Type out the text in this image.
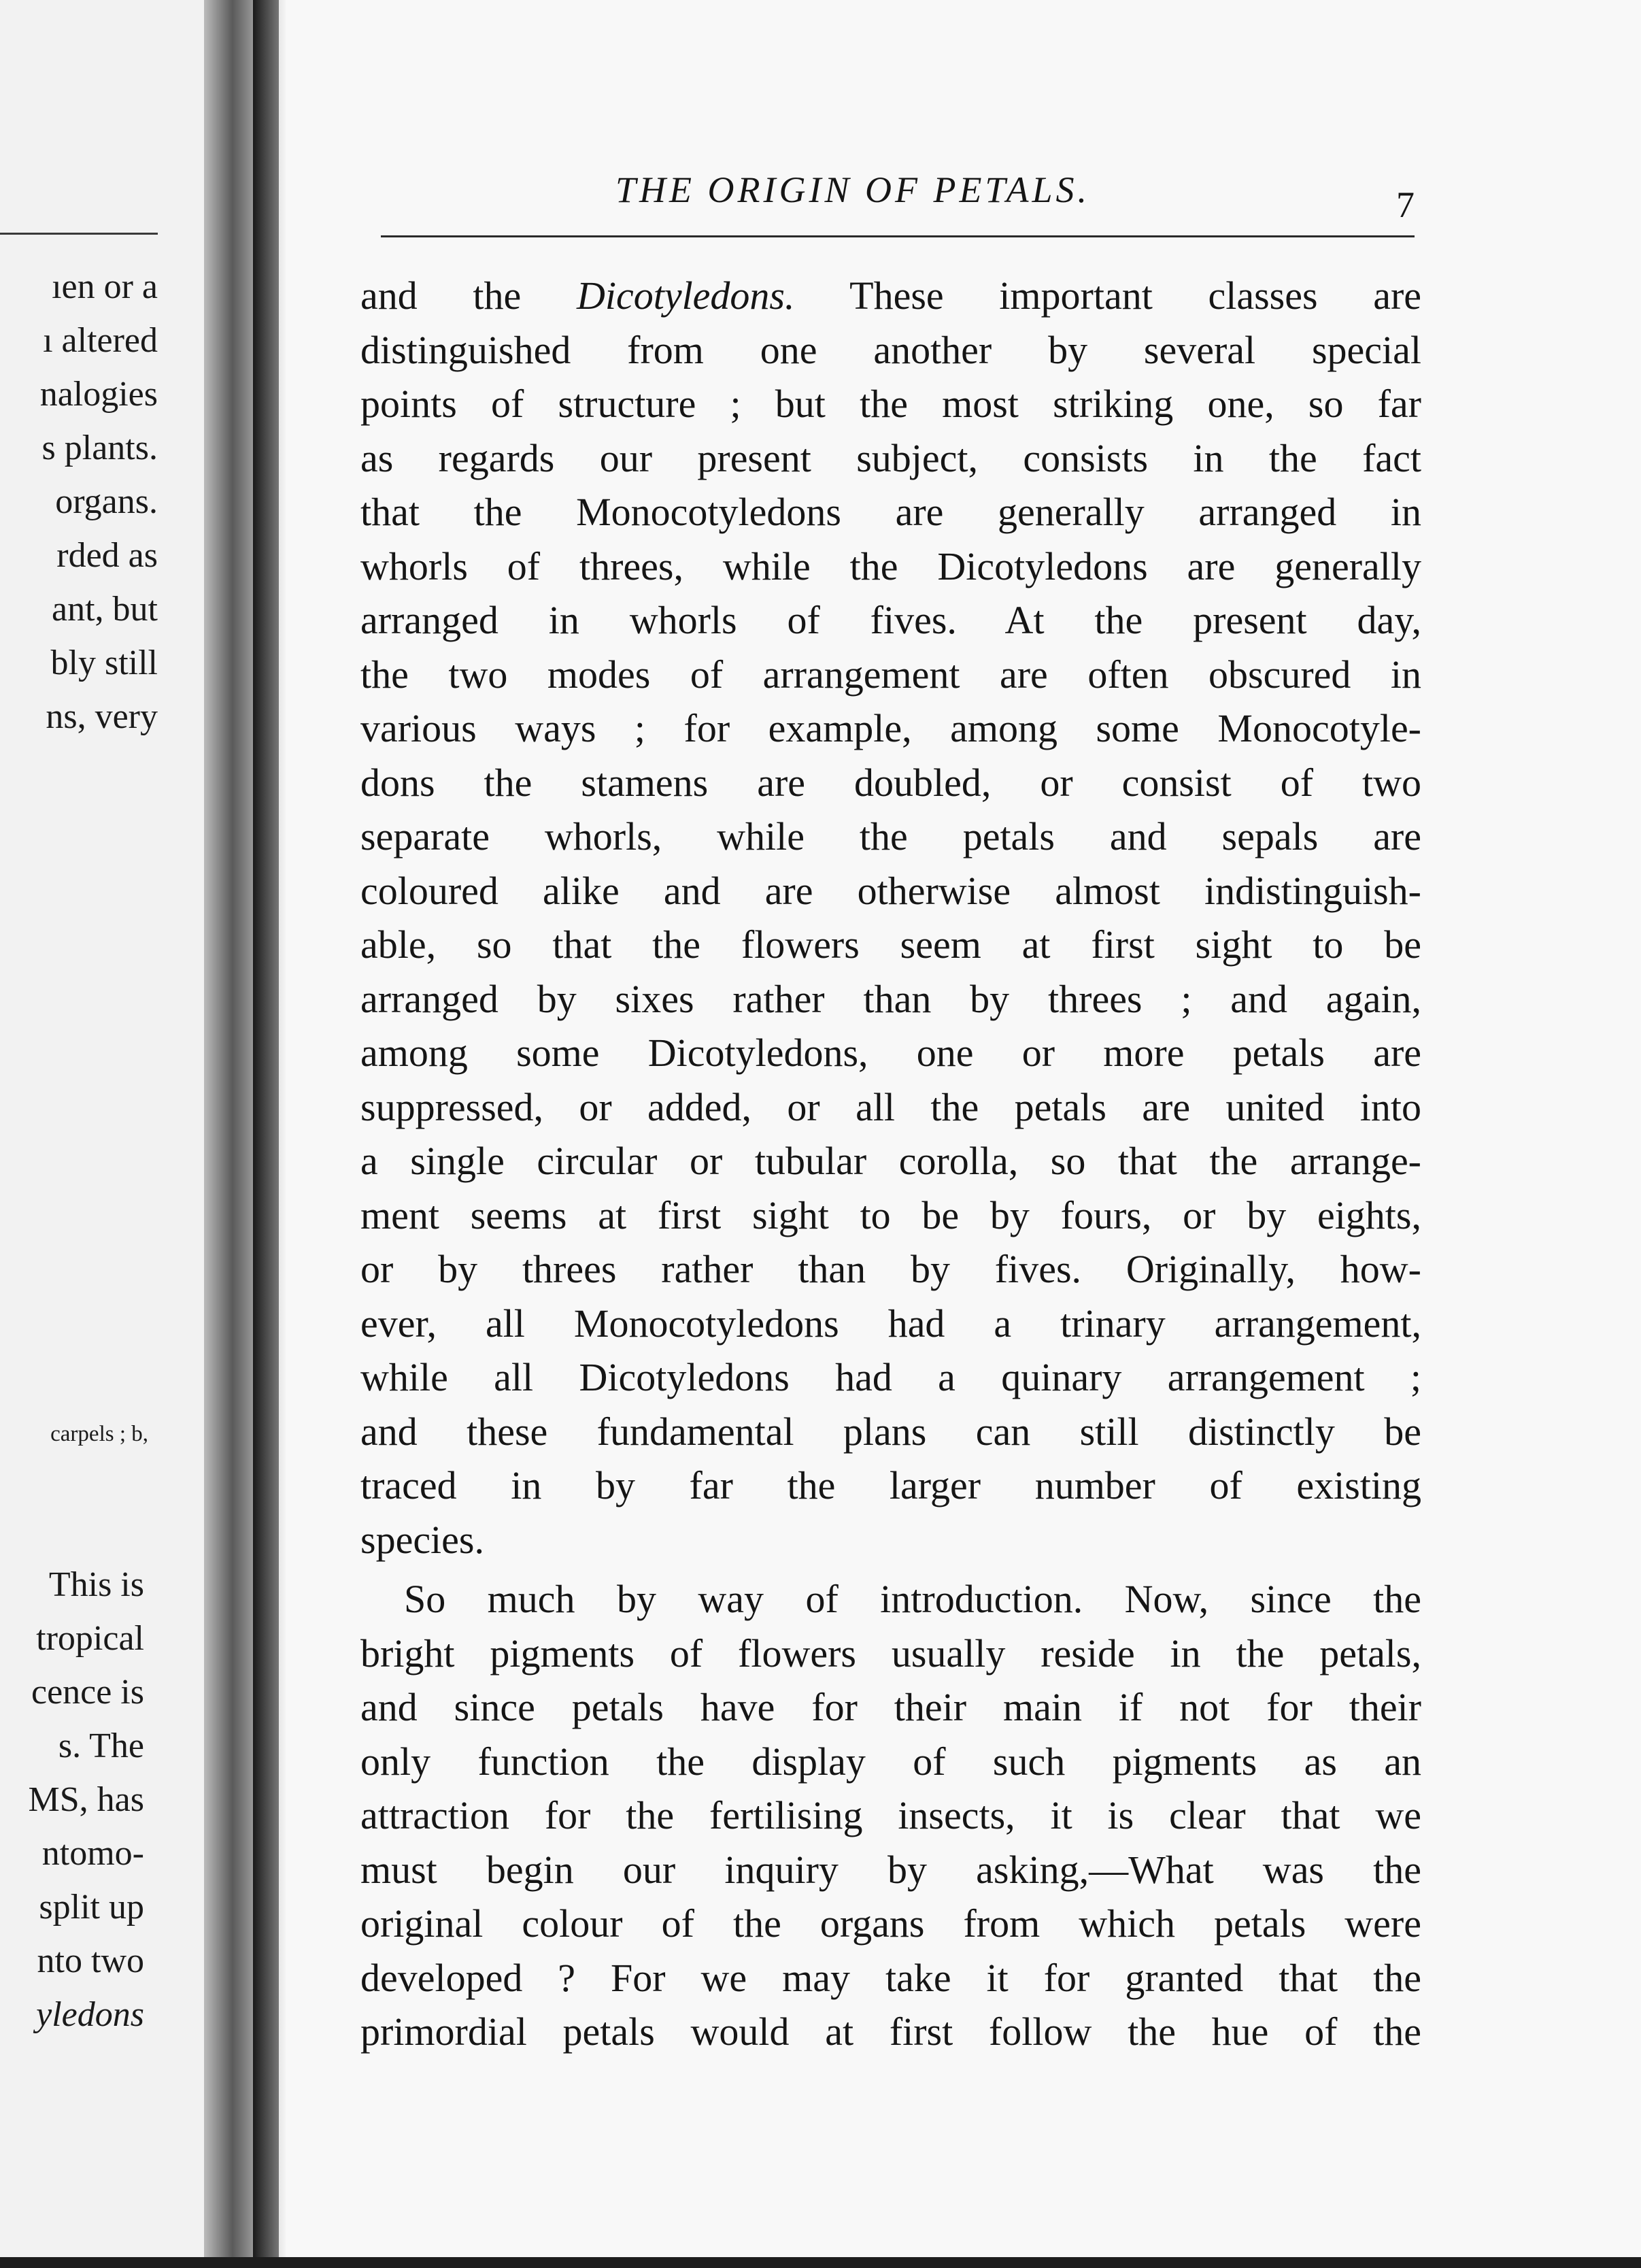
ıen or a
ı altered
nalogies
s plants.
organs.
rded as
ant, but
bly still
ns, very
carpels ; b,
This is
tropical
cence is
s. The
MS, has
ntomo-
split up
nto two
yledons
THE ORIGIN OF PETALS.	7
and the Dicotyledons. These important classes are
distinguished from one another by several special
points of structure ; but the most striking one, so far
as regards our present subject, consists in the fact
that the Monocotyledons are generally arranged in
whorls of threes, while the Dicotyledons are generally
arranged in whorls of fives. At the present day,
the two modes of arrangement are often obscured in
various ways ; for example, among some Monocotyle-
dons the stamens are doubled, or consist of two
separate whorls, while the petals and sepals are
coloured alike and are otherwise almost indistinguish-
able, so that the flowers seem at first sight to be
arranged by sixes rather than by threes ; and again,
among some Dicotyledons, one or more petals are
suppressed, or added, or all the petals are united into
a single circular or tubular corolla, so that the arrange-
ment seems at first sight to be by fours, or by eights,
or by threes rather than by fives. Originally, how-
ever, all Monocotyledons had a trinary arrangement,
while all Dicotyledons had a quinary arrangement ;
and these fundamental plans can still distinctly be
traced in by far the larger number of existing
species.
So much by way of introduction. Now, since the
bright pigments of flowers usually reside in the petals,
and since petals have for their main if not for their
only function the display of such pigments as an
attraction for the fertilising insects, it is clear that we
must begin our inquiry by asking,—What was the
original colour of the organs from which petals were
developed ? For we may take it for granted that the
primordial petals would at first follow the hue of the
